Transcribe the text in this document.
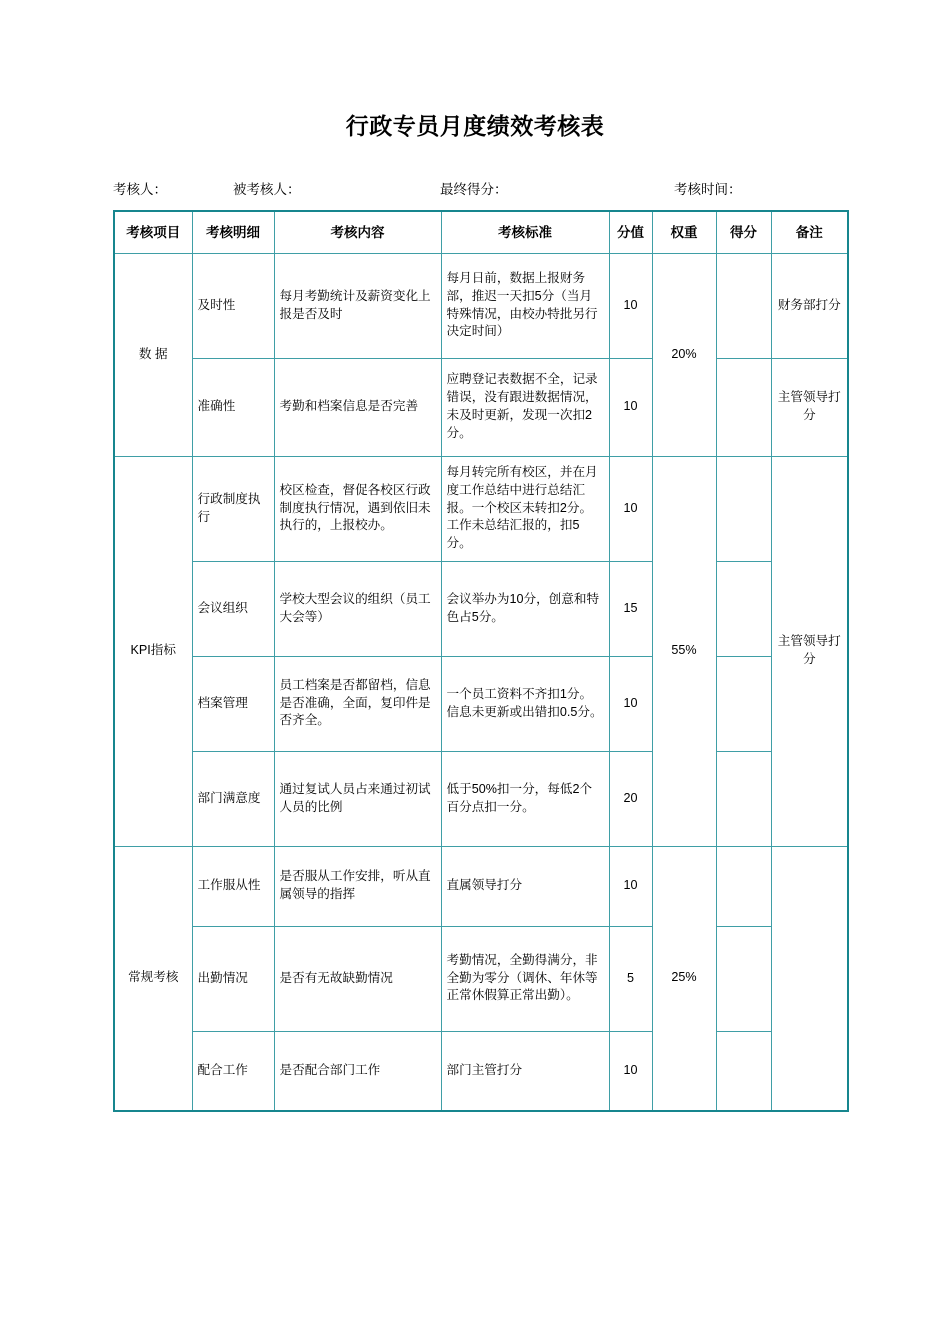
行政专员月度绩效考核表
考核人：	被考核人：	最终得分：	考核时间：
考核项目	考核明细	考核内容	考核标准	分值	权重	得分	备注
数 据	及时性	每月考勤统计及薪资变化上报是否及时	每月日前，数据上报财务部，推迟一天扣5分（当月特殊情况，由校办特批另行决定时间）	10	20%		财务部打分
	准确性	考勤和档案信息是否完善	应聘登记表数据不全，记录错误，没有跟进数据情况，未及时更新，发现一次扣2分。	10			主管领导打分
KPI指标	行政制度执行	校区检查，督促各校区行政制度执行情况，遇到依旧未执行的，上报校办。	每月转完所有校区，并在月度工作总结中进行总结汇报。一个校区未转扣2分。工作未总结汇报的，扣5分。	10	55%		主管领导打分
	会议组织	学校大型会议的组织（员工大会等）	会议举办为10分，创意和特色占5分。	15			
	档案管理	员工档案是否都留档，信息是否准确，全面，复印件是否齐全。	一个员工资料不齐扣1分。信息未更新或出错扣0.5分。	10			
	部门满意度	通过复试人员占来通过初试人员的比例	低于50%扣一分，每低2个百分点扣一分。	20			
常规考核	工作服从性	是否服从工作安排，听从直属领导的指挥	直属领导打分	10	25%		
	出勤情况	是否有无故缺勤情况	考勤情况，全勤得满分，非全勤为零分（调休、年休等正常休假算正常出勤）。	5			
	配合工作	是否配合部门工作	部门主管打分	10			
